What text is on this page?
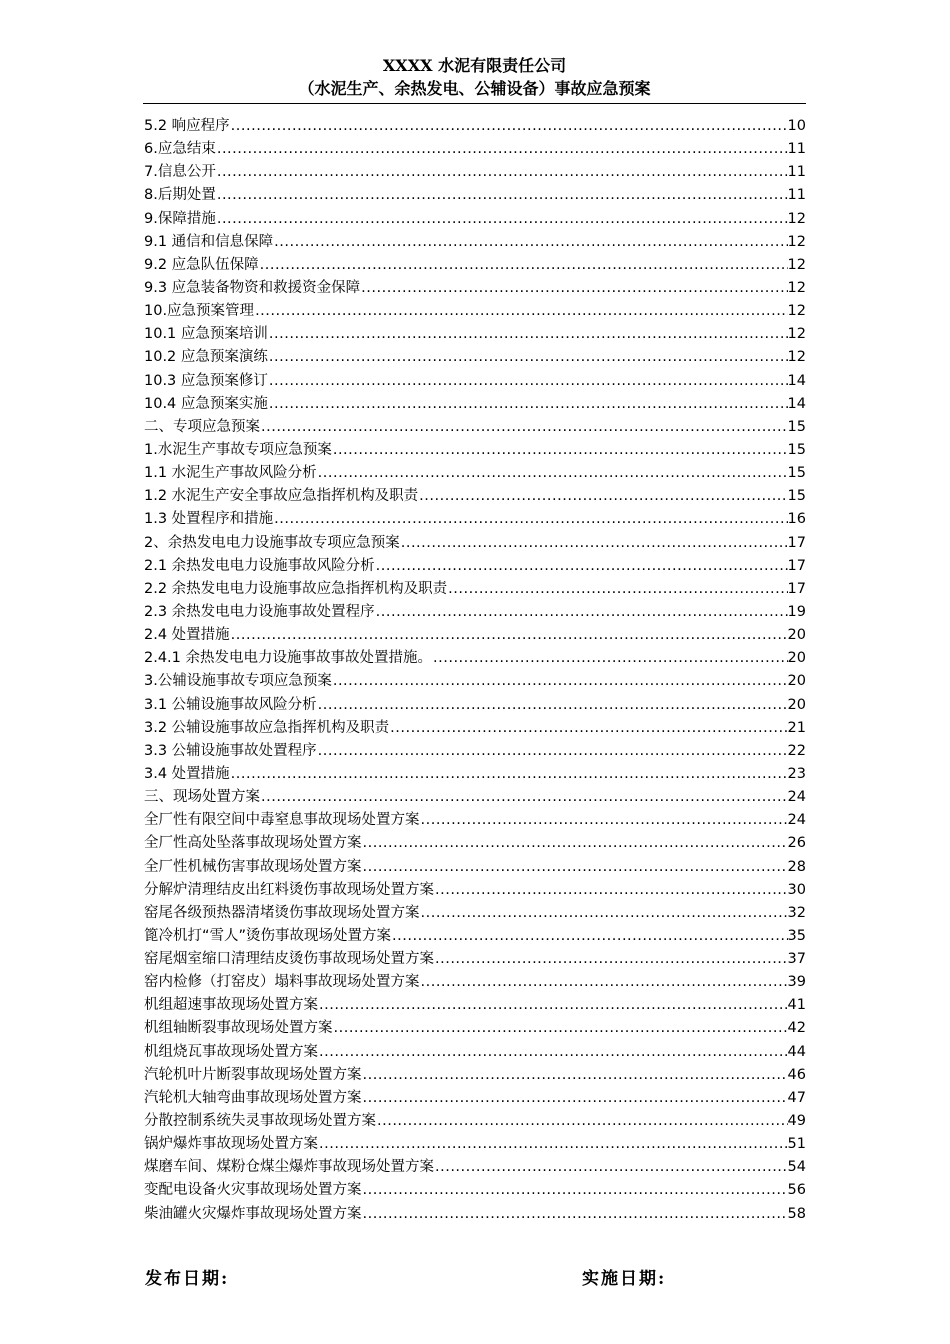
XXXX 水泥有限责任公司
（水泥生产、余热发电、公辅设备）事故应急预案
5.2 响应程序 .....	10
6.应急结束 .....	11
7.信息公开 .....	11
8.后期处置 .....	11
9.保障措施 .....	12
9.1 通信和信息保障 .....	12
9.2 应急队伍保障 .....	12
9.3 应急装备物资和救援资金保障 .....	12
10.应急预案管理 .....	12
10.1 应急预案培训 .....	12
10.2 应急预案演练 .....	12
10.3 应急预案修订 .....	14
10.4 应急预案实施 .....	14
二、专项应急预案 .....	15
1.水泥生产事故专项应急预案 .....	15
1.1 水泥生产事故风险分析 .....	15
1.2 水泥生产安全事故应急指挥机构及职责 .....	15
1.3 处置程序和措施 .....	16
2、余热发电电力设施事故专项应急预案 .....	17
2.1 余热发电电力设施事故风险分析 .....	17
2.2 余热发电电力设施事故应急指挥机构及职责 .....	17
2.3 余热发电电力设施事故处置程序 .....	19
2.4 处置措施 .....	20
2.4.1 余热发电电力设施事故事故处置措施。 .....	20
3.公辅设施事故专项应急预案 .....	20
3.1 公辅设施事故风险分析 .....	20
3.2 公辅设施事故应急指挥机构及职责 .....	21
3.3 公辅设施事故处置程序 .....	22
3.4 处置措施 .....	23
三、现场处置方案 .....	24
全厂性有限空间中毒窒息事故现场处置方案 .....	24
全厂性高处坠落事故现场处置方案 .....	26
全厂性机械伤害事故现场处置方案 .....	28
分解炉清理结皮出红料烫伤事故现场处置方案 .....	30
窑尾各级预热器清堵烫伤事故现场处置方案 .....	32
篦冷机打“雪人”烫伤事故现场处置方案 .....	35
窑尾烟室缩口清理结皮烫伤事故现场处置方案 .....	37
窑内检修（打窑皮）塌料事故现场处置方案 .....	39
机组超速事故现场处置方案 .....	41
机组轴断裂事故现场处置方案 .....	42
机组烧瓦事故现场处置方案 .....	44
汽轮机叶片断裂事故现场处置方案 .....	46
汽轮机大轴弯曲事故现场处置方案 .....	47
分散控制系统失灵事故现场处置方案 .....	49
锅炉爆炸事故现场处置方案 .....	51
煤磨车间、煤粉仓煤尘爆炸事故现场处置方案 .....	54
变配电设备火灾事故现场处置方案 .....	56
柴油罐火灾爆炸事故现场处置方案 .....	58
发布日期:	实施日期:
